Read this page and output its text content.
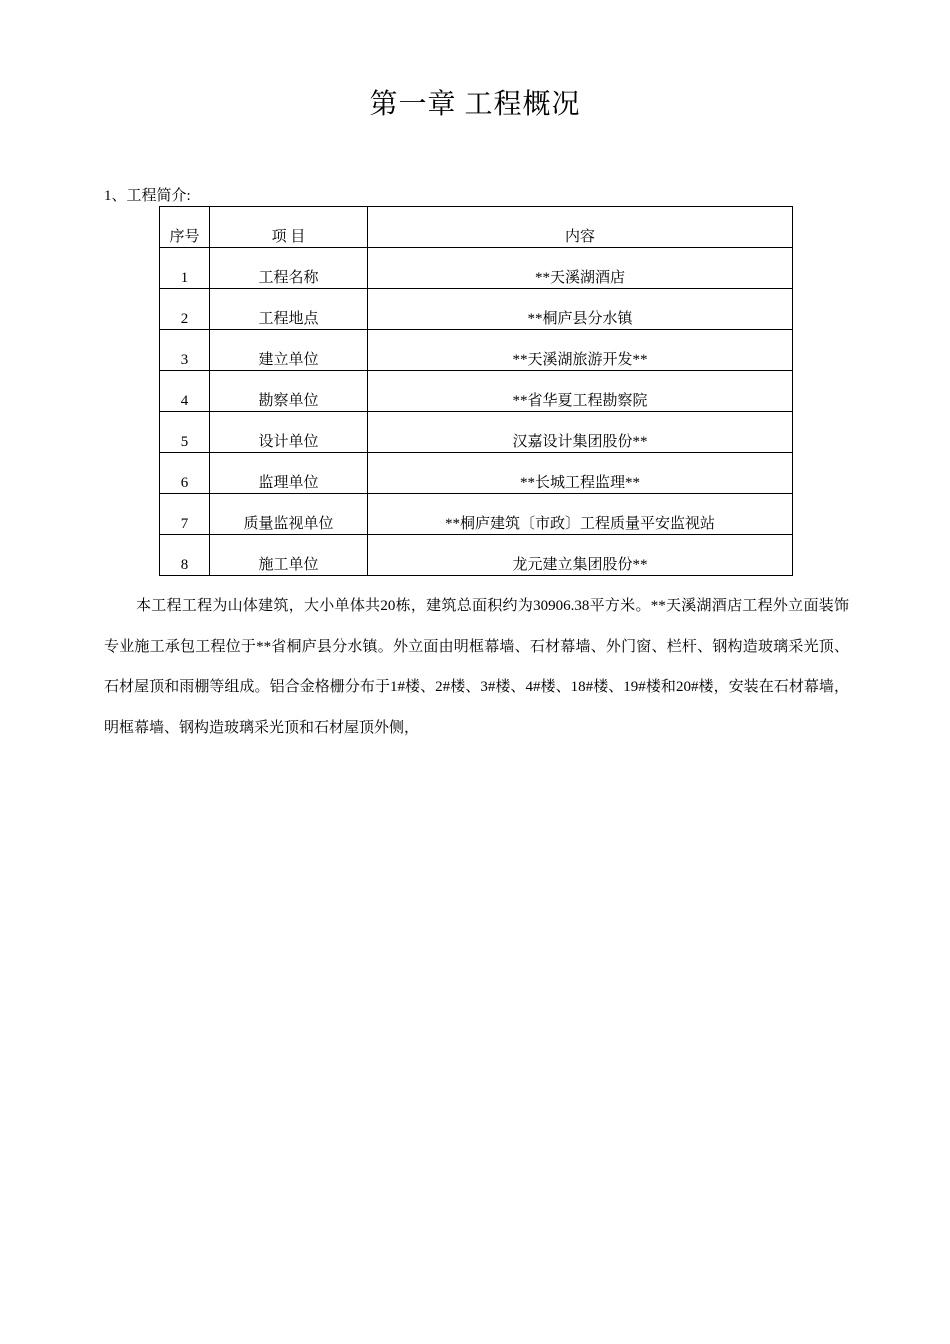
第一章 工程概况
1、工程简介:
序号	项 目	内容
1	工程名称	**天溪湖酒店
2	工程地点	**桐庐县分水镇
3	建立单位	**天溪湖旅游开发**
4	勘察单位	**省华夏工程勘察院
5	设计单位	汉嘉设计集团股份**
6	监理单位	**长城工程监理**
7	质量监视单位	**桐庐建筑〔市政〕工程质量平安监视站
8	施工单位	龙元建立集团股份**

本工程工程为山体建筑，大小单体共20栋，建筑总面积约为30906.38平方米。**天溪湖酒店工程外立面装饰专业施工承包工程位于**省桐庐县分水镇。外立面由明框幕墙、石材幕墙、外门窗、栏杆、钢构造玻璃采光顶、石材屋顶和雨棚等组成。铝合金格栅分布于1#楼、2#楼、3#楼、4#楼、18#楼、19#楼和20#楼，安装在石材幕墙，明框幕墙、钢构造玻璃采光顶和石材屋顶外侧，
